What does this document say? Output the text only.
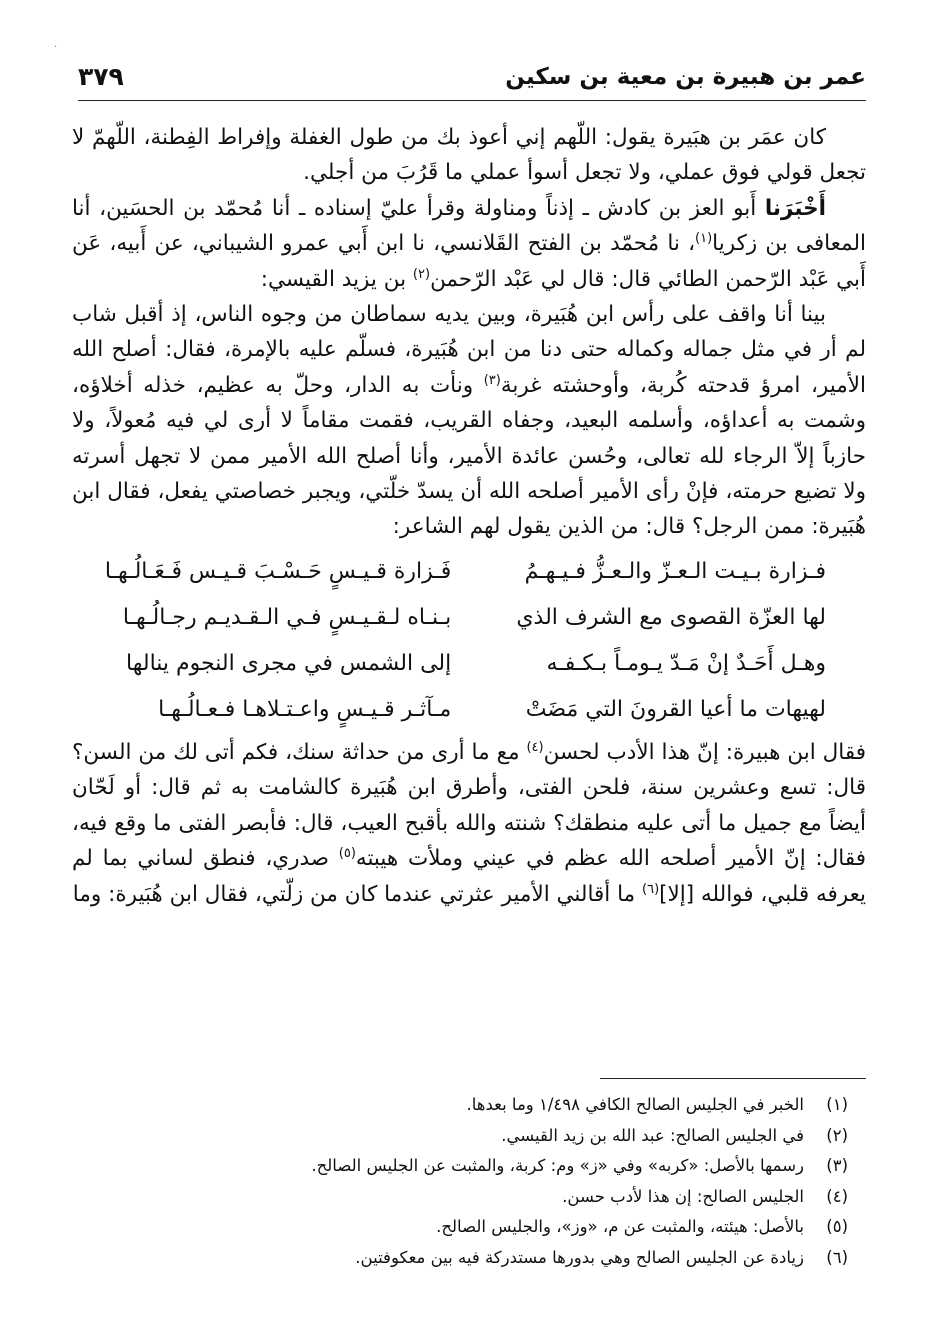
·
عمر بن هبيرة بن معية بن سكين
٣٧٩

كان عمَر بن هبَيرة يقول: اللّهم إني أعوذ بك من طول الغفلة وإفراط الفِطنة، اللّهمّ لا تجعل قولي فوق عملي، ولا تجعل أسوأ عملي ما قَرُبَ من أجلي.

أَخْبَرَنا أَبو العز بن كادش ـ إذناً ومناولة وقرأ عليّ إسناده ـ أنا مُحمّد بن الحسَين، أنا المعافى بن زكريا$^{(١)}$، نا مُحمّد بن الفتح القَلانسي، نا ابن أَبي عمرو الشيباني، عن أَبيه، عَن أَبي عَبْد الرّحمن الطائي قال: قال لي عَبْد الرّحمن$^{(٢)}$ بن يزيد القيسي:

بينا أنا واقف على رأس ابن هُبَيرة، وبين يديه سماطان من وجوه الناس، إذ أقبل شاب لم أر في مثل جماله وكماله حتى دنا من ابن هُبَيرة، فسلّم عليه بالإمرة، فقال: أصلح الله الأمير، امرؤ قدحته كُربة، وأوحشته غربة$^{(٣)}$ ونأت به الدار، وحلّ به عظيم، خذله أخلاؤه، وشمت به أعداؤه، وأسلمه البعيد، وجفاه القريب، فقمت مقاماً لا أرى لي فيه مُعولاً، ولا حازباً إلاّ الرجاء لله تعالى، وحُسن عائدة الأمير، وأنا أصلح الله الأمير ممن لا تجهل أسرته ولا تضيع حرمته، فإنْ رأى الأمير أصلحه الله أن يسدّ خلّتي، ويجبر خصاصتي يفعل، فقال ابن هُبَيرة: ممن الرجل؟ قال: من الذين يقول لهم الشاعر:

فـزارة بـيـت الـعـزّ والـعـزُّ فـيـهـمُ
فَـزارة قـيـسٍ حَـسْـبَ قـيـس فَـعَـالُـهـا
لها العزّة القصوى مع الشرف الذي
بـنـاه لـقـيـسٍ فـي الـقـديـم رجـالُـهـا
وهـل أَحَـدٌ إنْ مَـدّ يـومـاً بـكـفـه
إلى الشمس في مجرى النجوم ينالها
لهيهات ما أعيا القرونَ التي مَضَتْ
مـآثـر قـيـسٍ واعـتـلاهـا فـعـالُـهـا

فقال ابن هبيرة: إنّ هذا الأدب لحسن$^{(٤)}$ مع ما أرى من حداثة سنك، فكم أتى لك من السن؟ قال: تسع وعشرين سنة، فلحن الفتى، وأطرق ابن هُبَيرة كالشامت به ثم قال: أو لَحّان أيضاً مع جميل ما أتى عليه منطقك؟ شنته والله بأقبح العيب، قال: فأبصر الفتى ما وقع فيه، فقال: إنّ الأمير أصلحه الله عظم في عيني وملأت هيبته$^{(٥)}$ صدري، فنطق لساني بما لم يعرفه قلبي، فوالله [إلا]$^{(٦)}$ ما أقالني الأمير عثرتي عندما كان من زلّتي، فقال ابن هُبَيرة: وما

(١)
الخبر في الجليس الصالح الكافي ١/٤٩٨ وما بعدها.
(٢)
في الجليس الصالح: عبد الله بن زيد القيسي.
(٣)
رسمها بالأصل: «كربه» وفي «ز» وم: كربة، والمثبت عن الجليس الصالح.
(٤)
الجليس الصالح: إن هذا لأدب حسن.
(٥)
بالأصل: هيئته، والمثبت عن م، «وز»، والجليس الصالح.
(٦)
زيادة عن الجليس الصالح وهي بدورها مستدركة فيه بين معكوفتين.
